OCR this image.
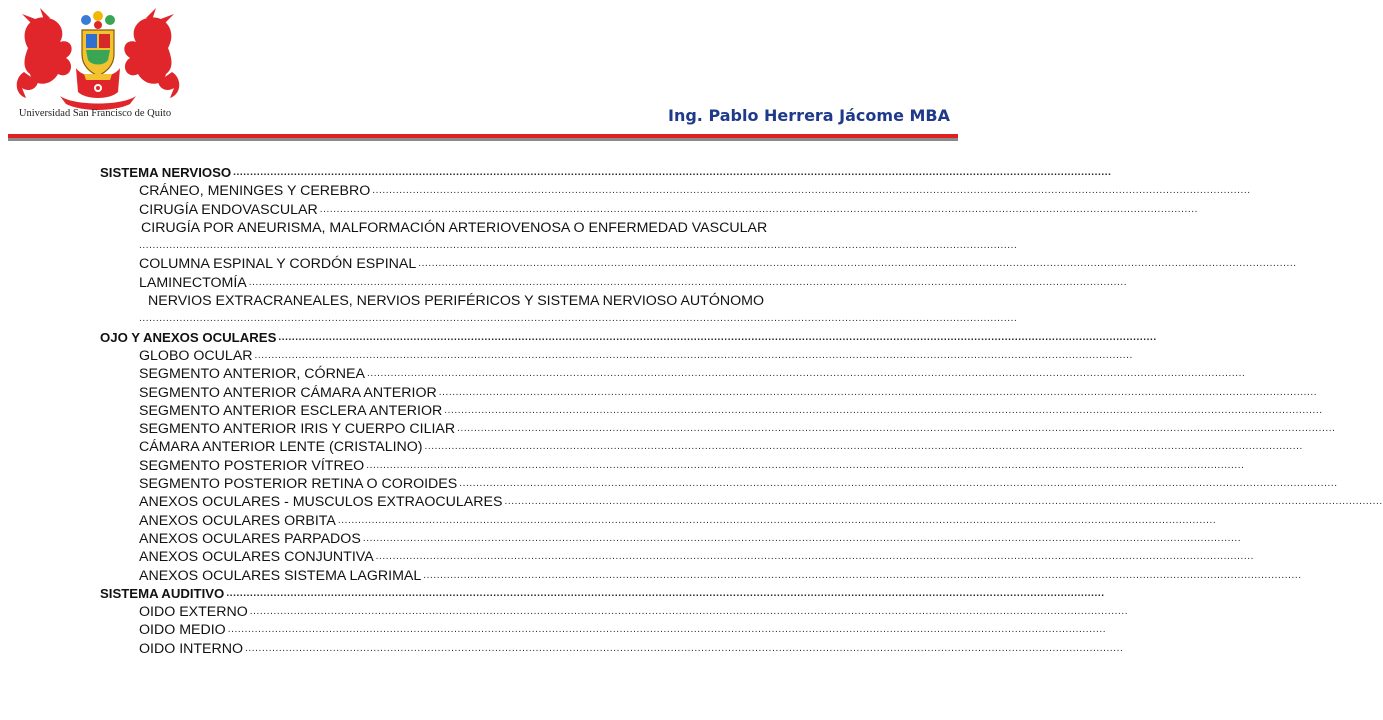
Universidad San Francisco de Quito	Ing. Pablo Herrera Jácome MBA
SISTEMA NERVIOSO ....................................................................................................................................................................................................................................................................
CRÁNEO, MENINGES Y CEREBRO ....................................................................................................................................................................................................................................................................
CIRUGÍA ENDOVASCULAR ....................................................................................................................................................................................................................................................................
CIRUGÍA POR ANEURISMA, MALFORMACIÓN ARTERIOVENOSA O ENFERMEDAD VASCULAR
....................................................................................................................................................................................................................................................................
COLUMNA ESPINAL Y CORDÓN ESPINAL ....................................................................................................................................................................................................................................................................
LAMINECTOMÍA ....................................................................................................................................................................................................................................................................
NERVIOS EXTRACRANEALES, NERVIOS PERIFÉRICOS Y SISTEMA NERVIOSO AUTÓNOMO
....................................................................................................................................................................................................................................................................
OJO Y ANEXOS OCULARES ....................................................................................................................................................................................................................................................................
GLOBO OCULAR ....................................................................................................................................................................................................................................................................
SEGMENTO ANTERIOR, CÓRNEA ....................................................................................................................................................................................................................................................................
SEGMENTO ANTERIOR CÁMARA ANTERIOR ....................................................................................................................................................................................................................................................................
SEGMENTO ANTERIOR ESCLERA ANTERIOR ....................................................................................................................................................................................................................................................................
SEGMENTO ANTERIOR IRIS Y CUERPO CILIAR ....................................................................................................................................................................................................................................................................
CÁMARA ANTERIOR LENTE (CRISTALINO) ....................................................................................................................................................................................................................................................................
SEGMENTO POSTERIOR VÍTREO ....................................................................................................................................................................................................................................................................
SEGMENTO POSTERIOR RETINA O COROIDES ....................................................................................................................................................................................................................................................................
ANEXOS OCULARES - MUSCULOS EXTRAOCULARES ....................................................................................................................................................................................................................................................................
ANEXOS OCULARES ORBITA ....................................................................................................................................................................................................................................................................
ANEXOS OCULARES PARPADOS ....................................................................................................................................................................................................................................................................
ANEXOS OCULARES CONJUNTIVA ....................................................................................................................................................................................................................................................................
ANEXOS OCULARES SISTEMA LAGRIMAL ....................................................................................................................................................................................................................................................................
SISTEMA AUDITIVO ....................................................................................................................................................................................................................................................................
OIDO EXTERNO ....................................................................................................................................................................................................................................................................
OIDO MEDIO ....................................................................................................................................................................................................................................................................
OIDO INTERNO ....................................................................................................................................................................................................................................................................
